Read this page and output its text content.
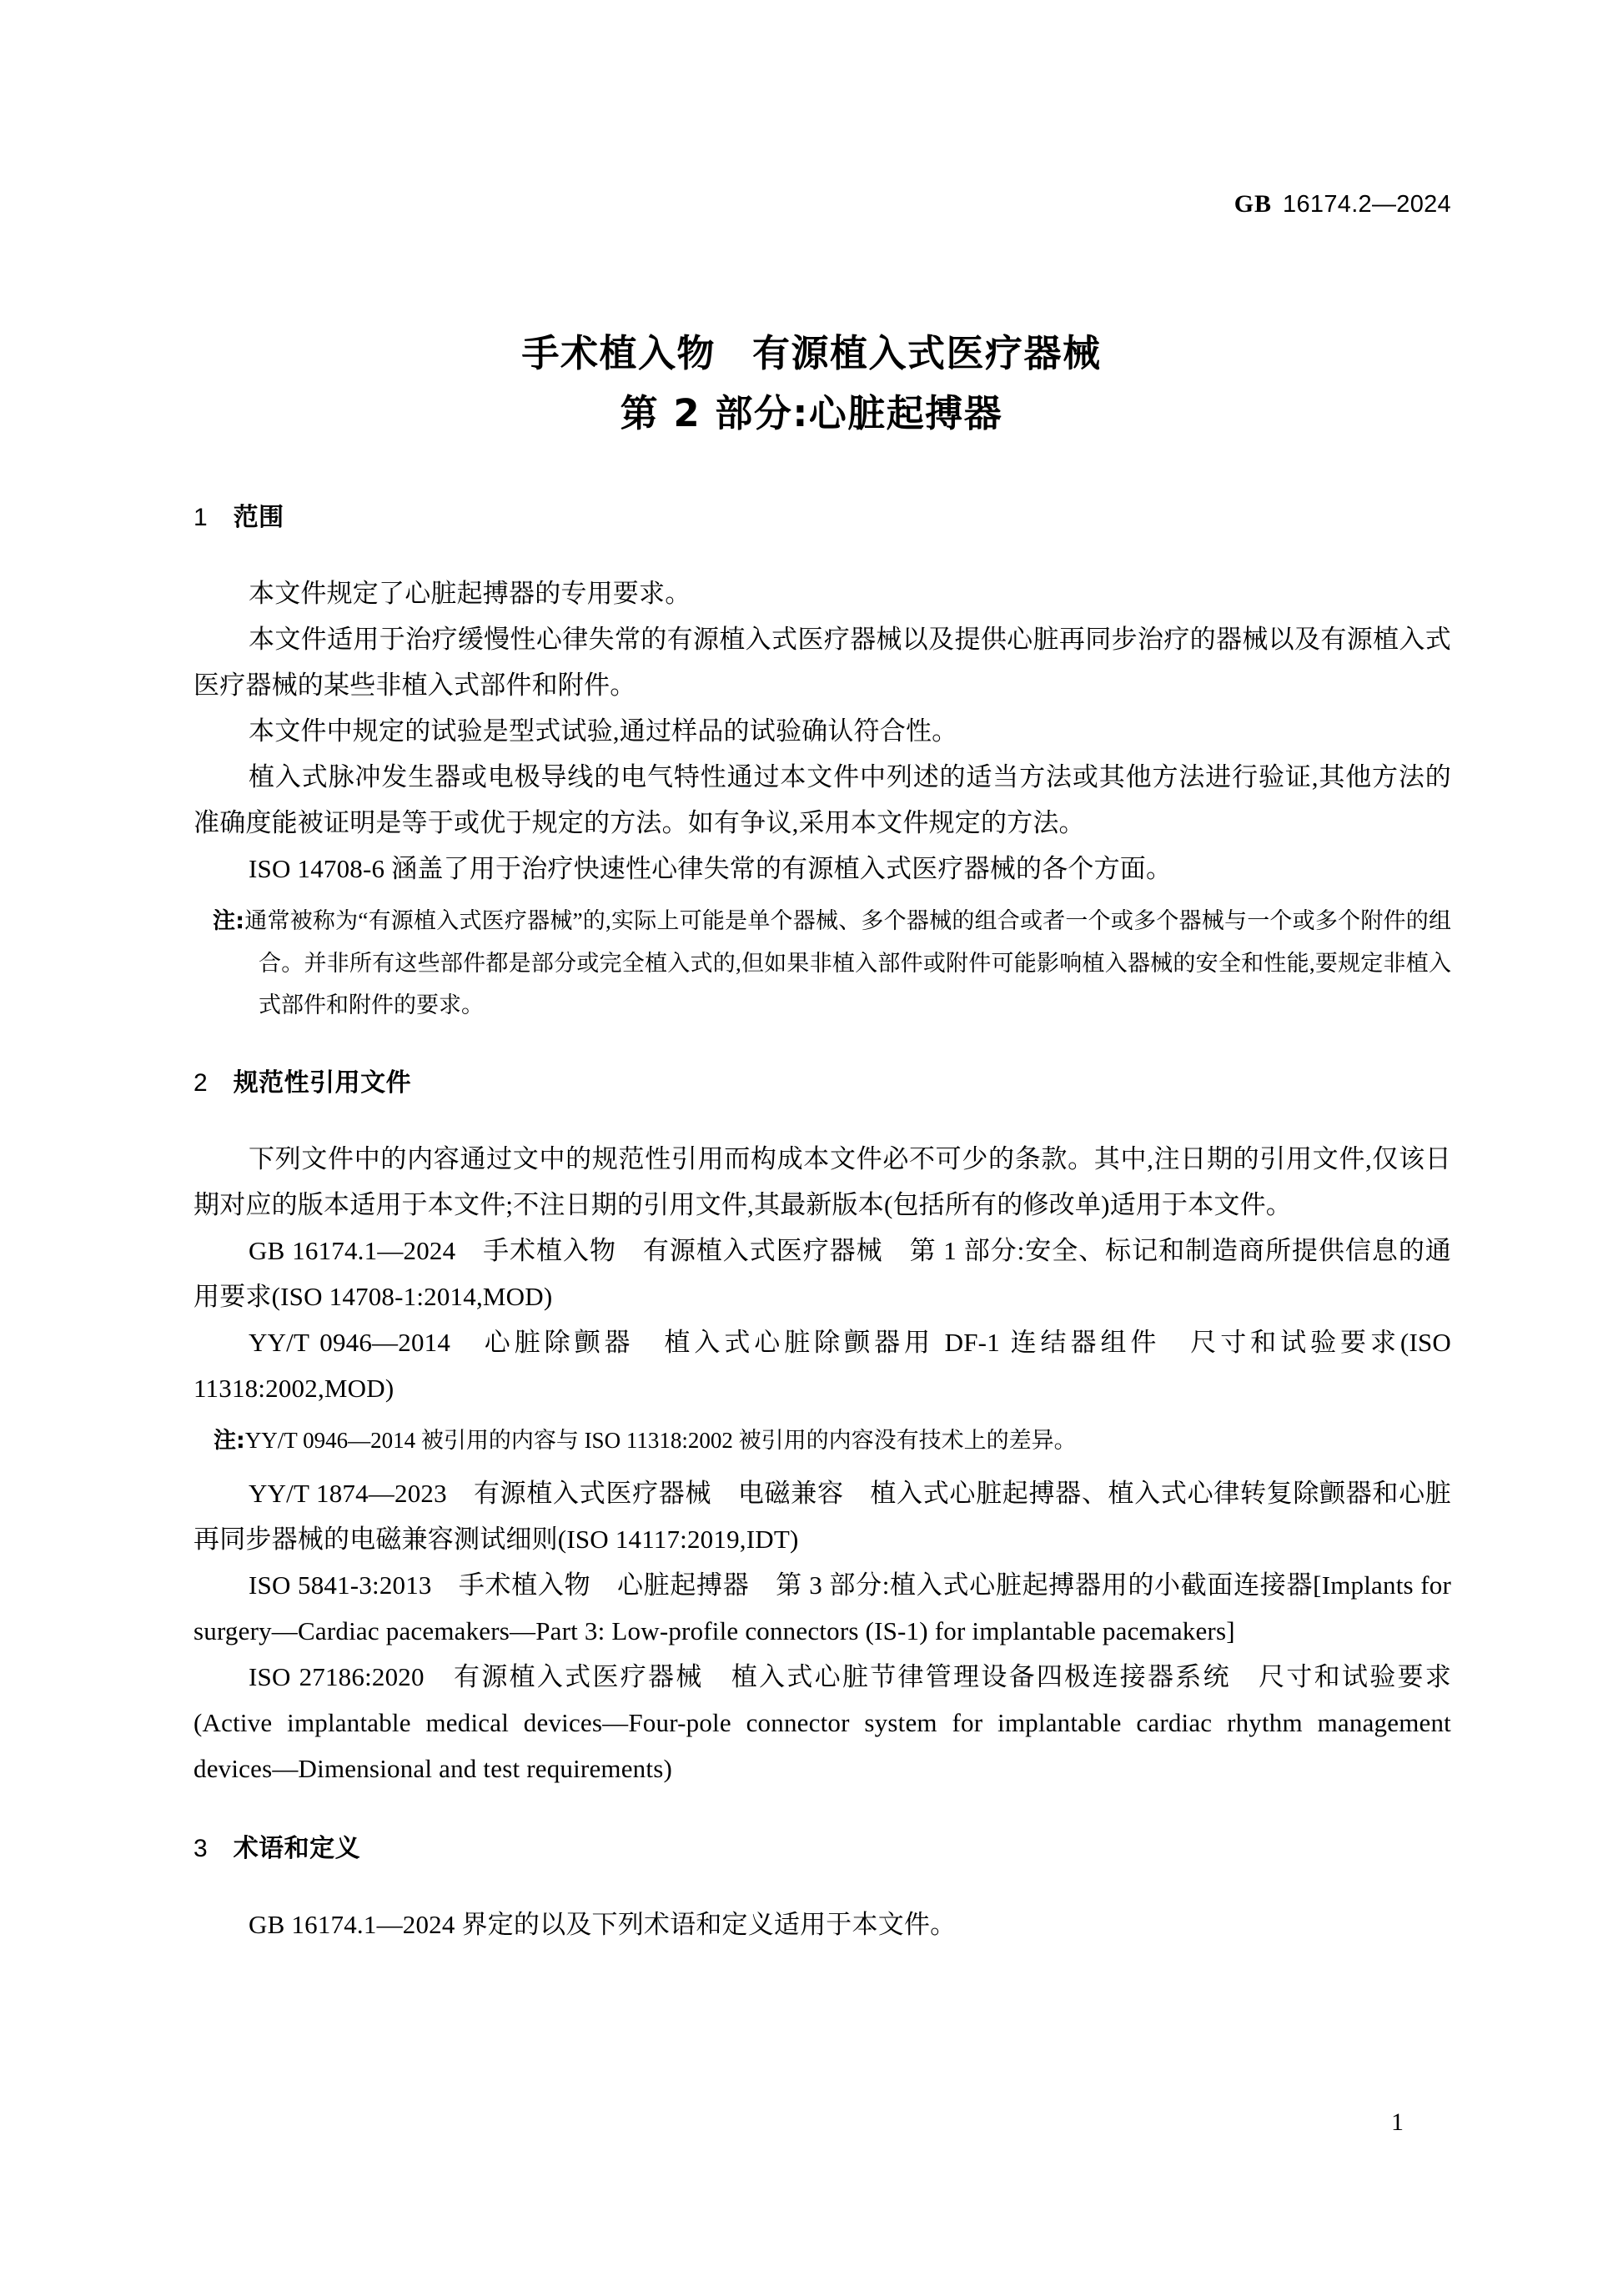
GB 16174.2—2024
手术植入物 有源植入式医疗器械
第 2 部分:心脏起搏器
1　 范围

本文件规定了心脏起搏器的专用要求。

本文件适用于治疗缓慢性心律失常的有源植入式医疗器械以及提供心脏再同步治疗的器械以及有源植入式医疗器械的某些非植入式部件和附件。

本文件中规定的试验是型式试验,通过样品的试验确认符合性。

植入式脉冲发生器或电极导线的电气特性通过本文件中列述的适当方法或其他方法进行验证,其他方法的准确度能被证明是等于或优于规定的方法。如有争议,采用本文件规定的方法。

ISO 14708-6 涵盖了用于治疗快速性心律失常的有源植入式医疗器械的各个方面。

注:通常被称为“有源植入式医疗器械”的,实际上可能是单个器械、多个器械的组合或者一个或多个器械与一个或多个附件的组合。并非所有这些部件都是部分或完全植入式的,但如果非植入部件或附件可能影响植入器械的安全和性能,要规定非植入式部件和附件的要求。

2　 规范性引用文件

下列文件中的内容通过文中的规范性引用而构成本文件必不可少的条款。其中,注日期的引用文件,仅该日期对应的版本适用于本文件;不注日期的引用文件,其最新版本(包括所有的修改单)适用于本文件。

GB 16174.1—2024　手术植入物　有源植入式医疗器械　第 1 部分:安全、标记和制造商所提供信息的通用要求(ISO 14708-1:2014,MOD)

YY/T 0946—2014　心脏除颤器　植入式心脏除颤器用 DF-1 连结器组件　尺寸和试验要求(ISO 11318:2002,MOD)

注:YY/T 0946—2014 被引用的内容与 ISO 11318:2002 被引用的内容没有技术上的差异。

YY/T 1874—2023　有源植入式医疗器械　电磁兼容　植入式心脏起搏器、植入式心律转复除颤器和心脏再同步器械的电磁兼容测试细则(ISO 14117:2019,IDT)

ISO 5841-3:2013　手术植入物　心脏起搏器　第 3 部分:植入式心脏起搏器用的小截面连接器[Implants for surgery—Cardiac pacemakers—Part 3: Low-profile connectors (IS-1) for implantable pacemakers]

ISO 27186:2020　有源植入式医疗器械　植入式心脏节律管理设备四极连接器系统　尺寸和试验要求 (Active implantable medical devices—Four-pole connector system for implantable cardiac rhythm management devices—Dimensional and test requirements)

3　 术语和定义

GB 16174.1—2024 界定的以及下列术语和定义适用于本文件。

1
